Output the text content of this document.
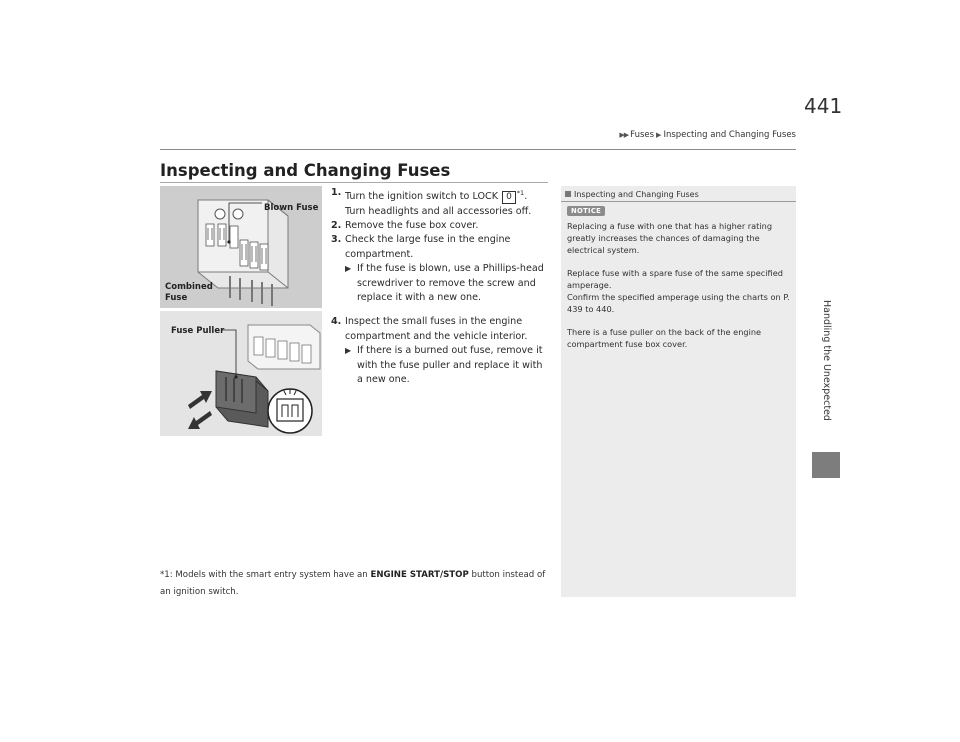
▶▶ Fuses ▶ Inspecting and Changing Fuses
441
Handling the Unexpected
Inspecting and Changing Fuses
Blown Fuse
Combined
Fuse
Fuse Puller
1. Turn the ignition switch to LOCK 0 $^{*1}$. Turn headlights and all accessories off.
2. Remove the fuse box cover.
3. Check the large fuse in the engine compartment.
▶ If the fuse is blown, use a Phillips-head screwdriver to remove the screw and replace it with a new one.
4. Inspect the small fuses in the engine compartment and the vehicle interior.
▶ If there is a burned out fuse, remove it with the fuse puller and replace it with a new one.
*1: Models with the smart entry system have an ENGINE START/STOP button instead of an ignition switch.
Inspecting and Changing Fuses
NOTICE

Replacing a fuse with one that has a higher rating greatly increases the chances of damaging the electrical system.

Replace fuse with a spare fuse of the same specified amperage.
Confirm the specified amperage using the charts on P. 439 to 440.

There is a fuse puller on the back of the engine compartment fuse box cover.
